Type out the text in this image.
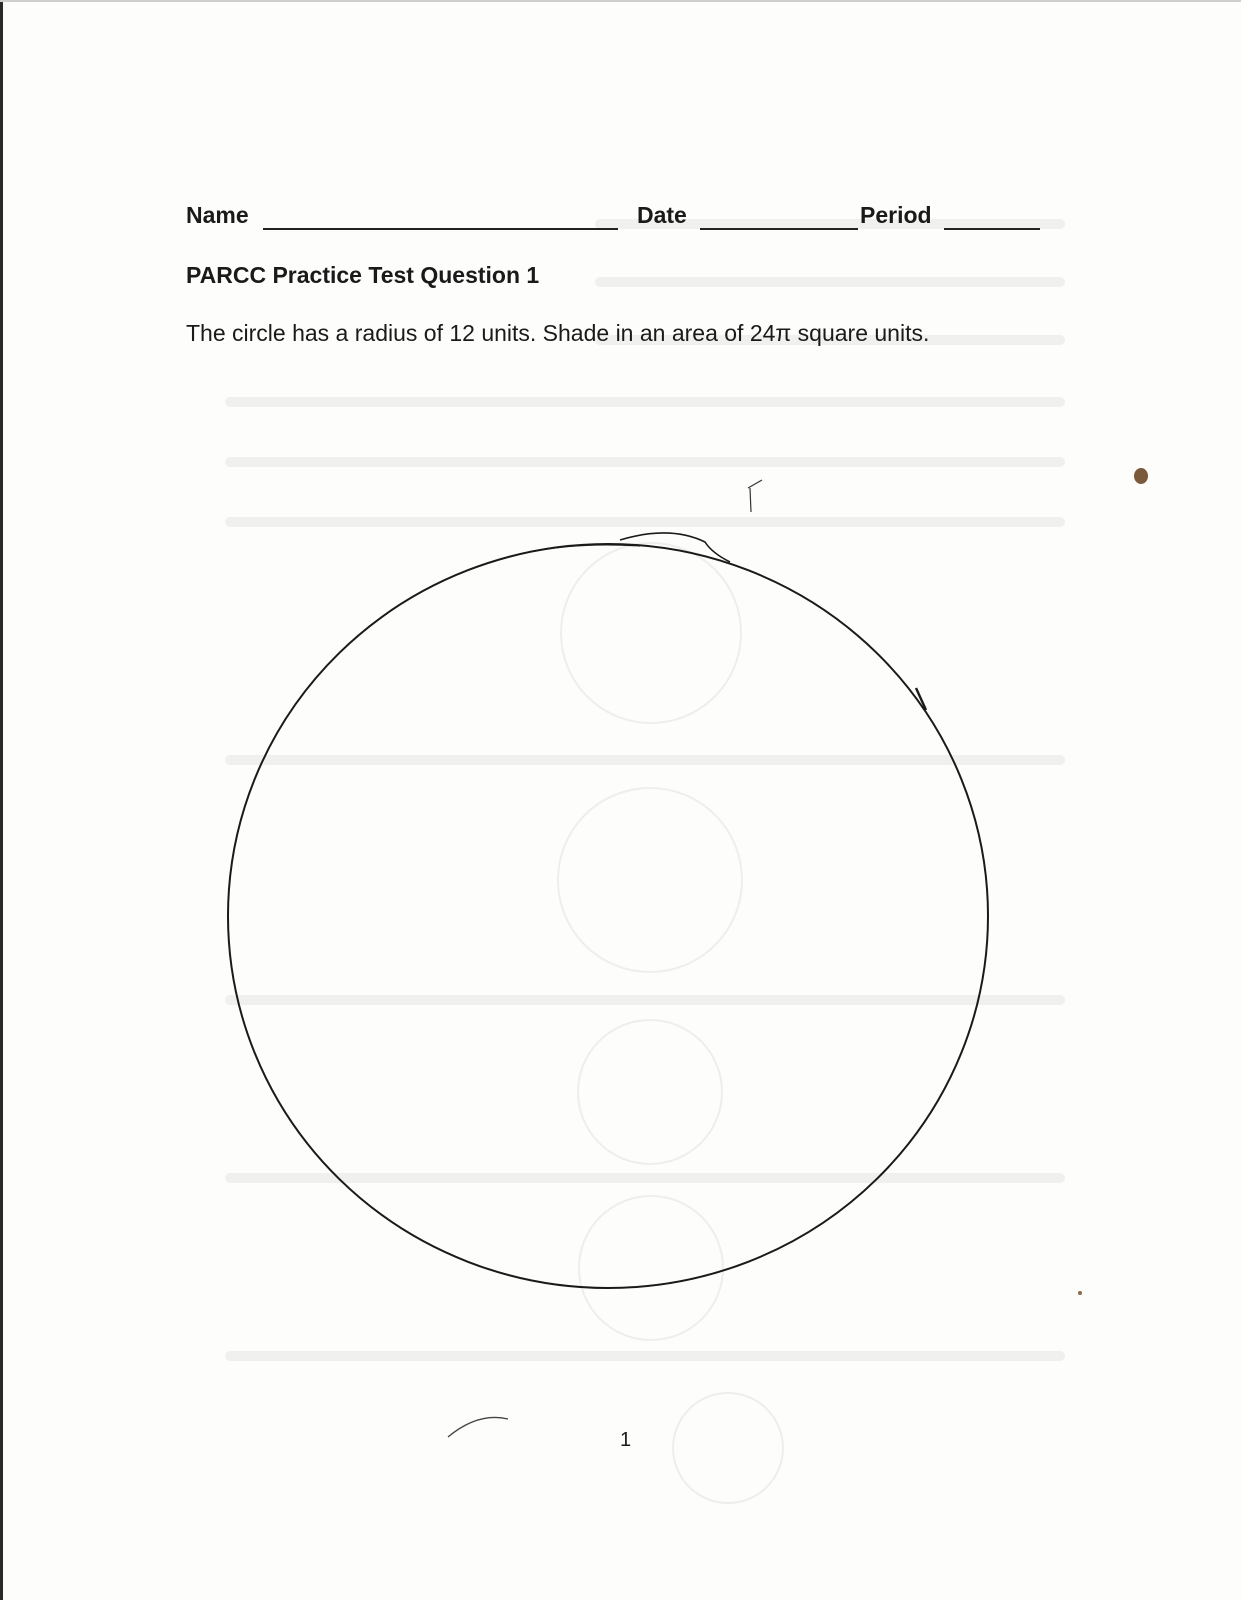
Name	Date	Period
PARCC Practice Test Question 1
The circle has a radius of 12 units. Shade in an area of 24π square units.
1
